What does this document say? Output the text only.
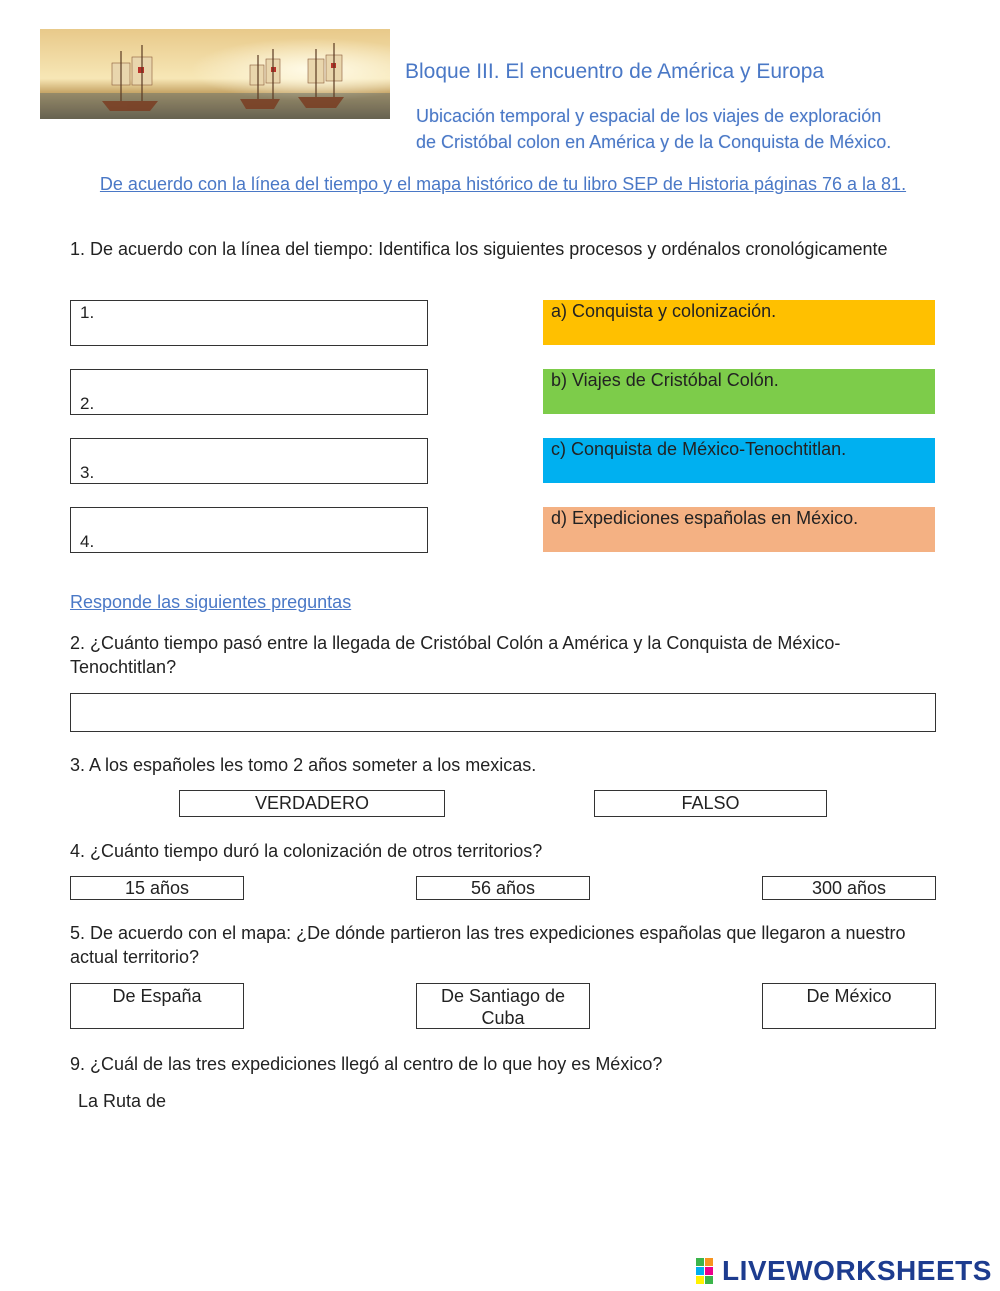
Bloque III. El encuentro de América y Europa
Ubicación temporal y espacial de los viajes de exploración
de Cristóbal colon en América y de la Conquista de México.
De acuerdo con la línea del tiempo y el mapa histórico de tu libro SEP de Historia páginas 76 a la 81.
1. De acuerdo con la línea del tiempo: Identifica los siguientes procesos y ordénalos cronológicamente
1.
2.
3.
4.
a) Conquista y colonización.
b) Viajes de Cristóbal Colón.
c) Conquista de México-Tenochtitlan.
d) Expediciones españolas en México.
Responde las siguientes preguntas
2. ¿Cuánto tiempo pasó entre la llegada de Cristóbal Colón a América y la Conquista de México-Tenochtitlan?
3. A los españoles les tomo 2 años someter a los mexicas.
VERDADERO	FALSO
4. ¿Cuánto tiempo duró la colonización de otros territorios?
15 años	56 años	300 años
5. De acuerdo con el mapa: ¿De dónde partieron las tres expediciones españolas que llegaron a nuestro actual territorio?
De España	De Santiago de Cuba
De México
9. ¿Cuál de las tres expediciones llegó al centro de lo que hoy es México?
La Ruta de
LIVEWORKSHEETS
